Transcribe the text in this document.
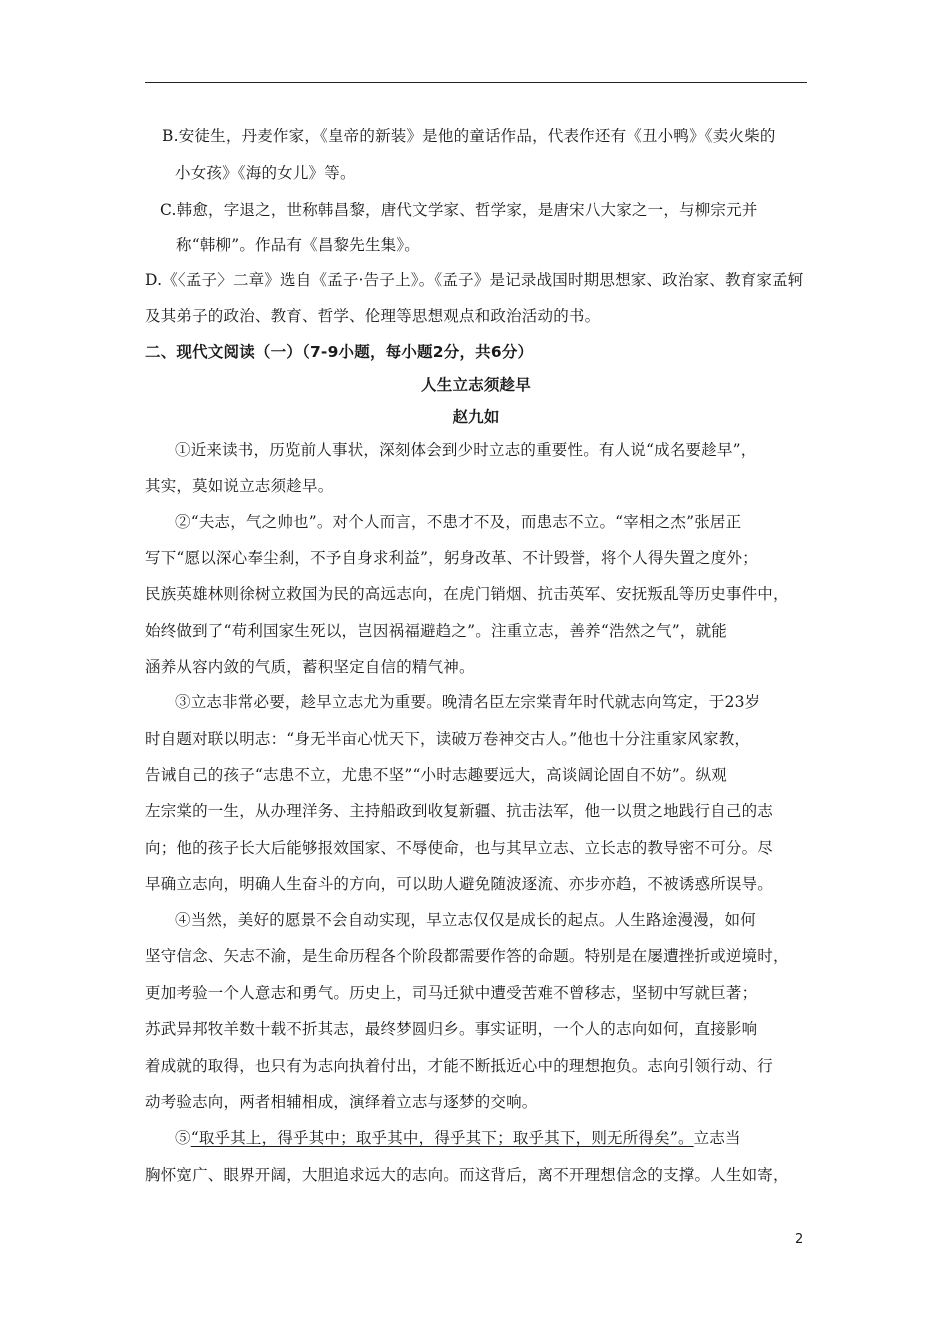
B.安徒生，丹麦作家，《皇帝的新装》是他的童话作品，代表作还有《丑小鸭》《卖火柴的
小女孩》《海的女儿》等。
C.韩愈，字退之，世称韩昌黎，唐代文学家、哲学家，是唐宋八大家之一，与柳宗元并
称“韩柳”。作品有《昌黎先生集》。
D.《〈孟子〉二章》选自《孟子·告子上》。《孟子》是记录战国时期思想家、政治家、教育家孟轲
及其弟子的政治、教育、哲学、伦理等思想观点和政治活动的书。
二、现代文阅读（一）（7-9小题，每小题2分，共6分）
人生立志须趁早
赵九如
①近来读书，历览前人事状，深刻体会到少时立志的重要性。有人说“成名要趁早”，
其实，莫如说立志须趁早。
②“夫志，气之帅也”。对个人而言，不患才不及，而患志不立。“宰相之杰”张居正
写下“愿以深心奉尘刹，不予自身求利益”，躬身改革、不计毁誉，将个人得失置之度外；
民族英雄林则徐树立救国为民的高远志向，在虎门销烟、抗击英军、安抚叛乱等历史事件中，
始终做到了“苟利国家生死以，岂因祸福避趋之”。注重立志，善养“浩然之气”，就能
涵养从容内敛的气质，蓄积坚定自信的精气神。
③立志非常必要，趁早立志尤为重要。晚清名臣左宗棠青年时代就志向笃定，于23岁
时自题对联以明志：“身无半亩心忧天下，读破万卷神交古人。”他也十分注重家风家教，
告诫自己的孩子“志患不立，尤患不坚”“小时志趣要远大，高谈阔论固自不妨”。纵观
左宗棠的一生，从办理洋务、主持船政到收复新疆、抗击法军，他一以贯之地践行自己的志
向；他的孩子长大后能够报效国家、不辱使命，也与其早立志、立长志的教导密不可分。尽
早确立志向，明确人生奋斗的方向，可以助人避免随波逐流、亦步亦趋，不被诱惑所误导。
④当然，美好的愿景不会自动实现，早立志仅仅是成长的起点。人生路途漫漫，如何
坚守信念、矢志不渝，是生命历程各个阶段都需要作答的命题。特别是在屡遭挫折或逆境时，
更加考验一个人意志和勇气。历史上，司马迁狱中遭受苦难不曾移志，坚韧中写就巨著；
苏武异邦牧羊数十载不折其志，最终梦圆归乡。事实证明，一个人的志向如何，直接影响
着成就的取得，也只有为志向执着付出，才能不断抵近心中的理想抱负。志向引领行动、行
动考验志向，两者相辅相成，演绎着立志与逐梦的交响。
⑤“取乎其上，得乎其中；取乎其中，得乎其下；取乎其下，则无所得矣”。立志当
胸怀宽广、眼界开阔，大胆追求远大的志向。而这背后，离不开理想信念的支撑。人生如寄，
2
